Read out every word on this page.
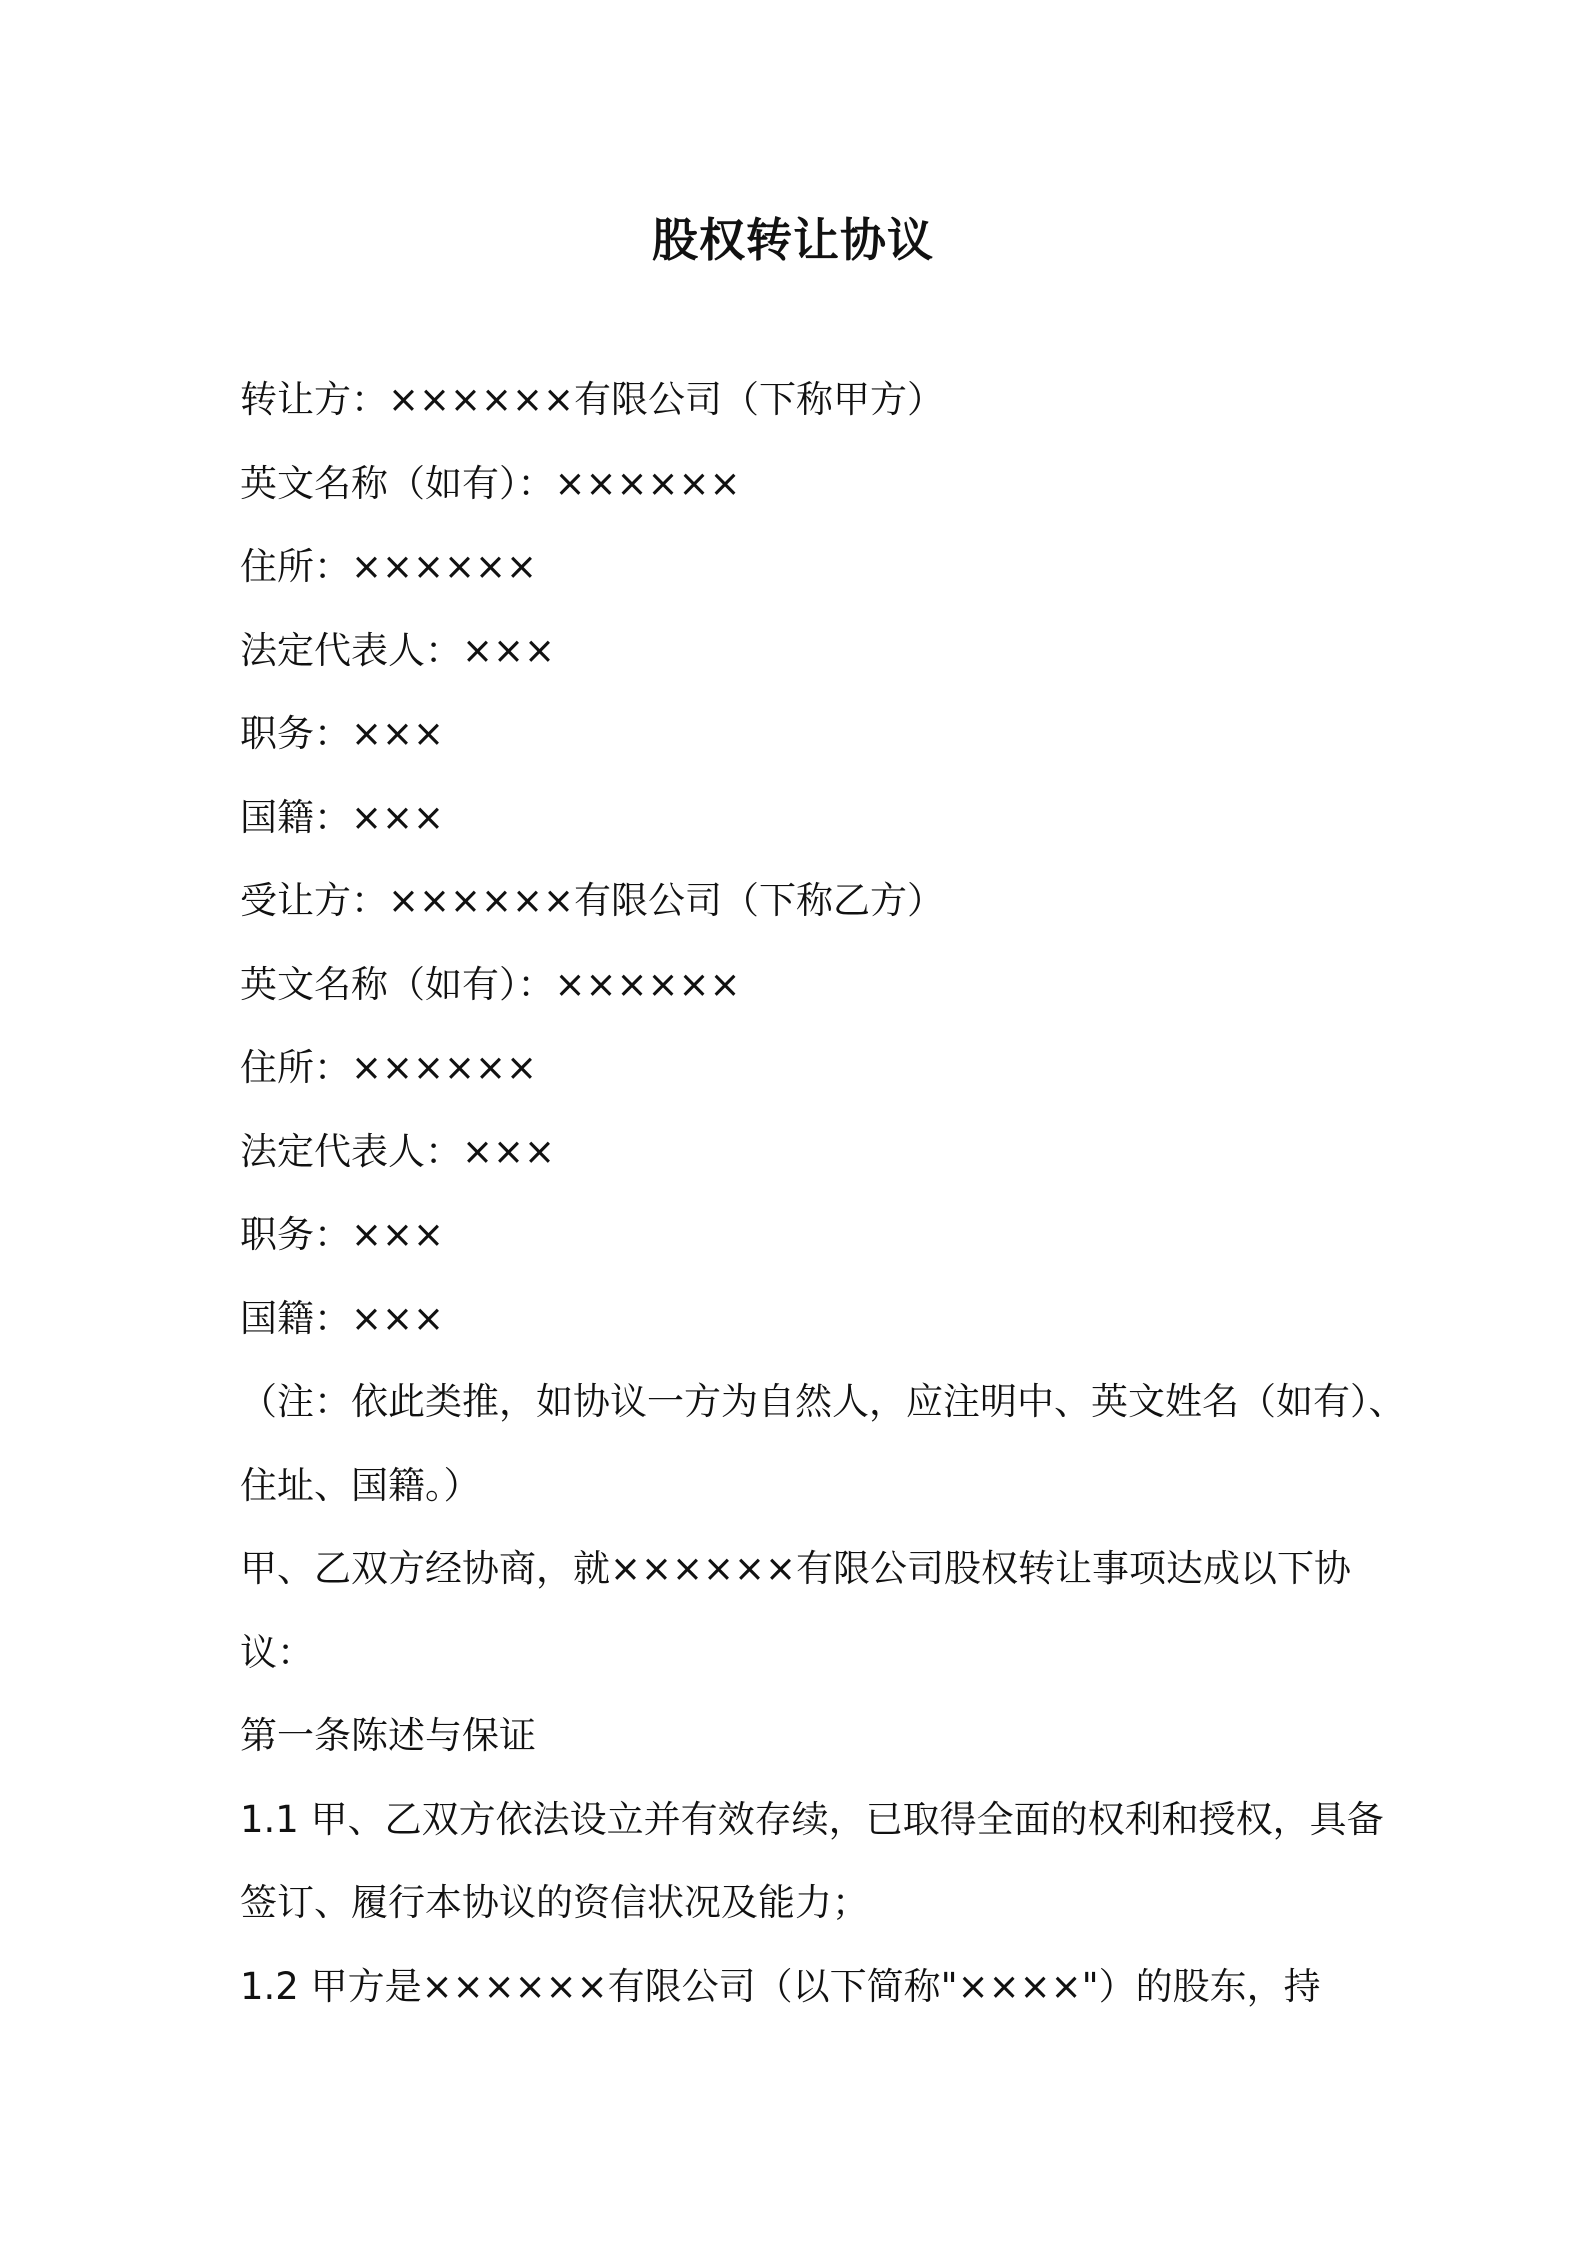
股权转让协议
转让方：××××××有限公司（下称甲方）
英文名称（如有）：××××××
住所：××××××
法定代表人：×××
职务：×××
国籍：×××
受让方：××××××有限公司（下称乙方）
英文名称（如有）：××××××
住所：××××××
法定代表人：×××
职务：×××
国籍：×××
（注：依此类推，如协议一方为自然人，应注明中、英文姓名（如有）、
住址、国籍。）
甲、乙双方经协商，就××××××有限公司股权转让事项达成以下协
议：
第一条陈述与保证
1.1 甲、乙双方依法设立并有效存续，已取得全面的权利和授权，具备
签订、履行本协议的资信状况及能力；
1.2 甲方是××××××有限公司（以下简称"××××"）的股东，持
